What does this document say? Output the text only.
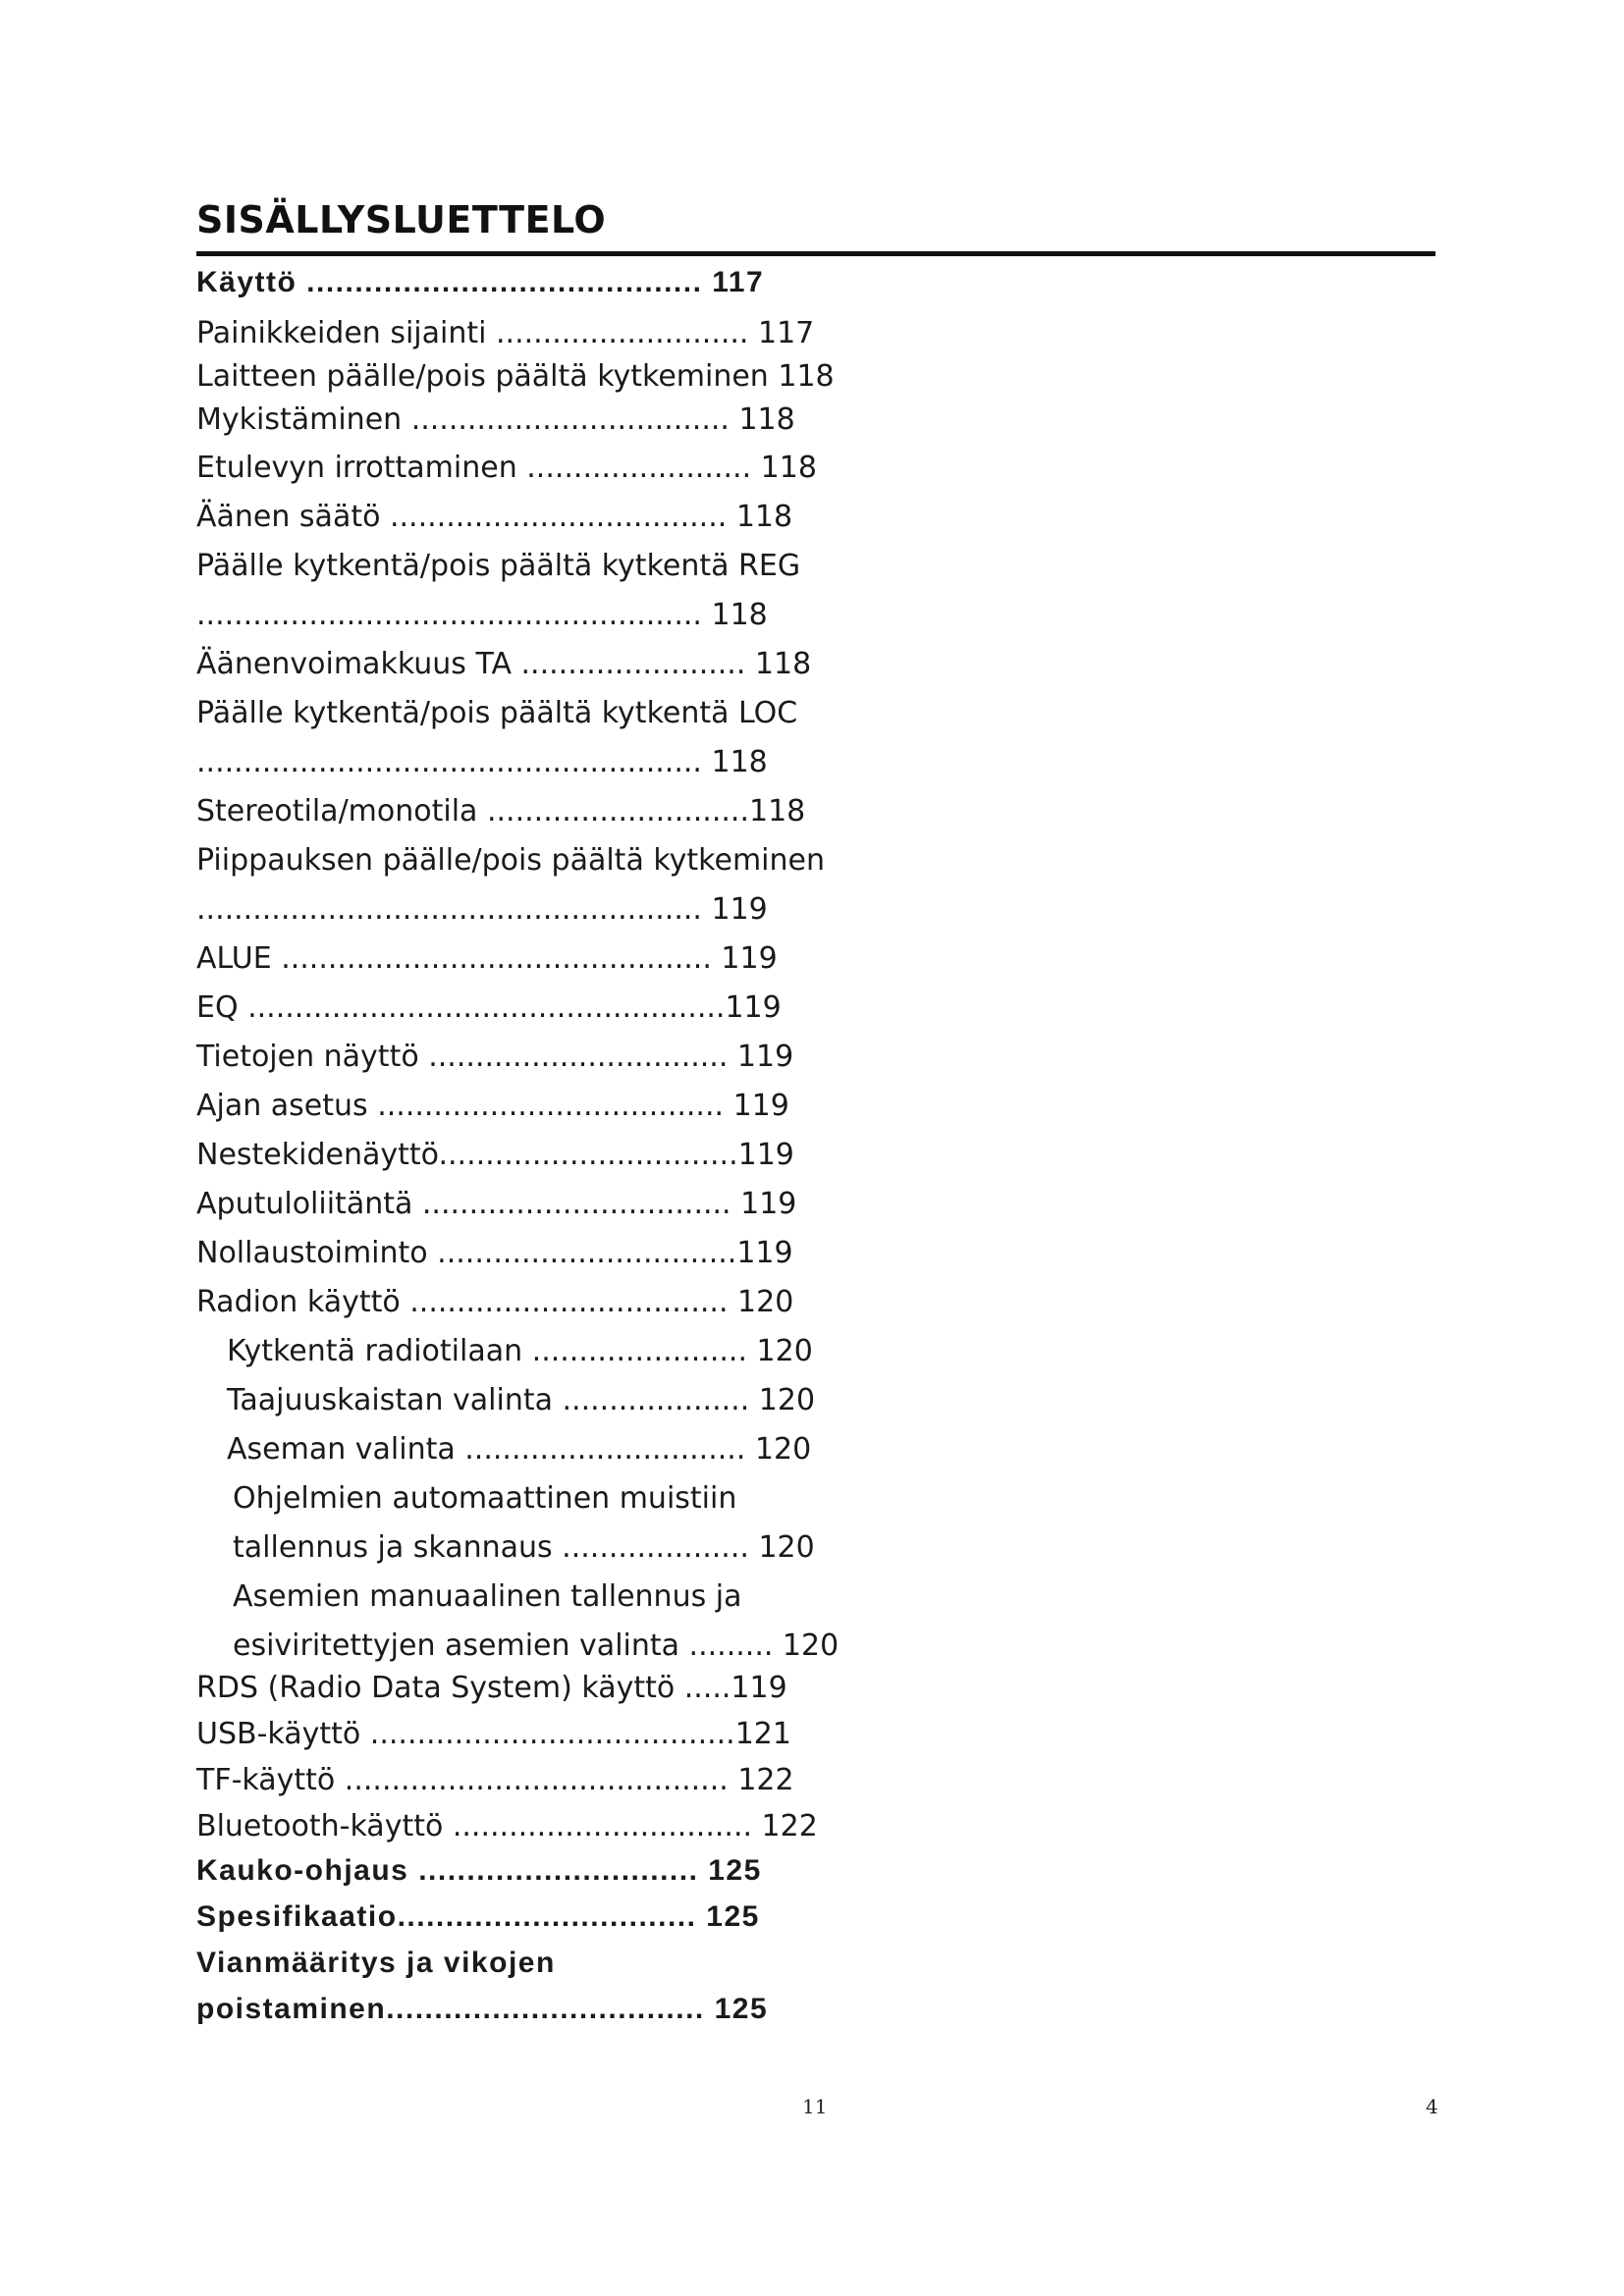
SISÄLLYSLUETTELO
Käyttö ......................................... 117
Painikkeiden sijainti ........................... 117
Laitteen päälle/pois päältä kytkeminen 118
Mykistäminen .................................. 118
Etulevyn irrottaminen ........................ 118
Äänen säätö .................................... 118
Päälle kytkentä/pois päältä kytkentä REG
...................................................... 118
Äänenvoimakkuus TA ........................ 118
Päälle kytkentä/pois päältä kytkentä LOC
...................................................... 118
Stereotila/monotila ............................118
Piippauksen päälle/pois päältä kytkeminen
...................................................... 119
ALUE .............................................. 119
EQ ...................................................119
Tietojen näyttö ................................ 119
Ajan asetus ..................................... 119
Nestekidenäyttö................................119
Aputuloliitäntä ................................. 119
Nollaustoiminto ................................119
Radion käyttö .................................. 120
Kytkentä radiotilaan ....................... 120
Taajuuskaistan valinta .................... 120
Aseman valinta .............................. 120
Ohjelmien automaattinen muistiin
tallennus ja skannaus .................... 120
Asemien manuaalinen tallennus ja
esiviritettyjen asemien valinta ......... 120
RDS (Radio Data System) käyttö .....119
USB-käyttö .......................................121
TF-käyttö ......................................... 122
Bluetooth-käyttö ................................ 122
Kauko-ohjaus ............................. 125
Spesifikaatio............................... 125
Vianmääritys ja vikojen
poistaminen................................. 125
11	4
